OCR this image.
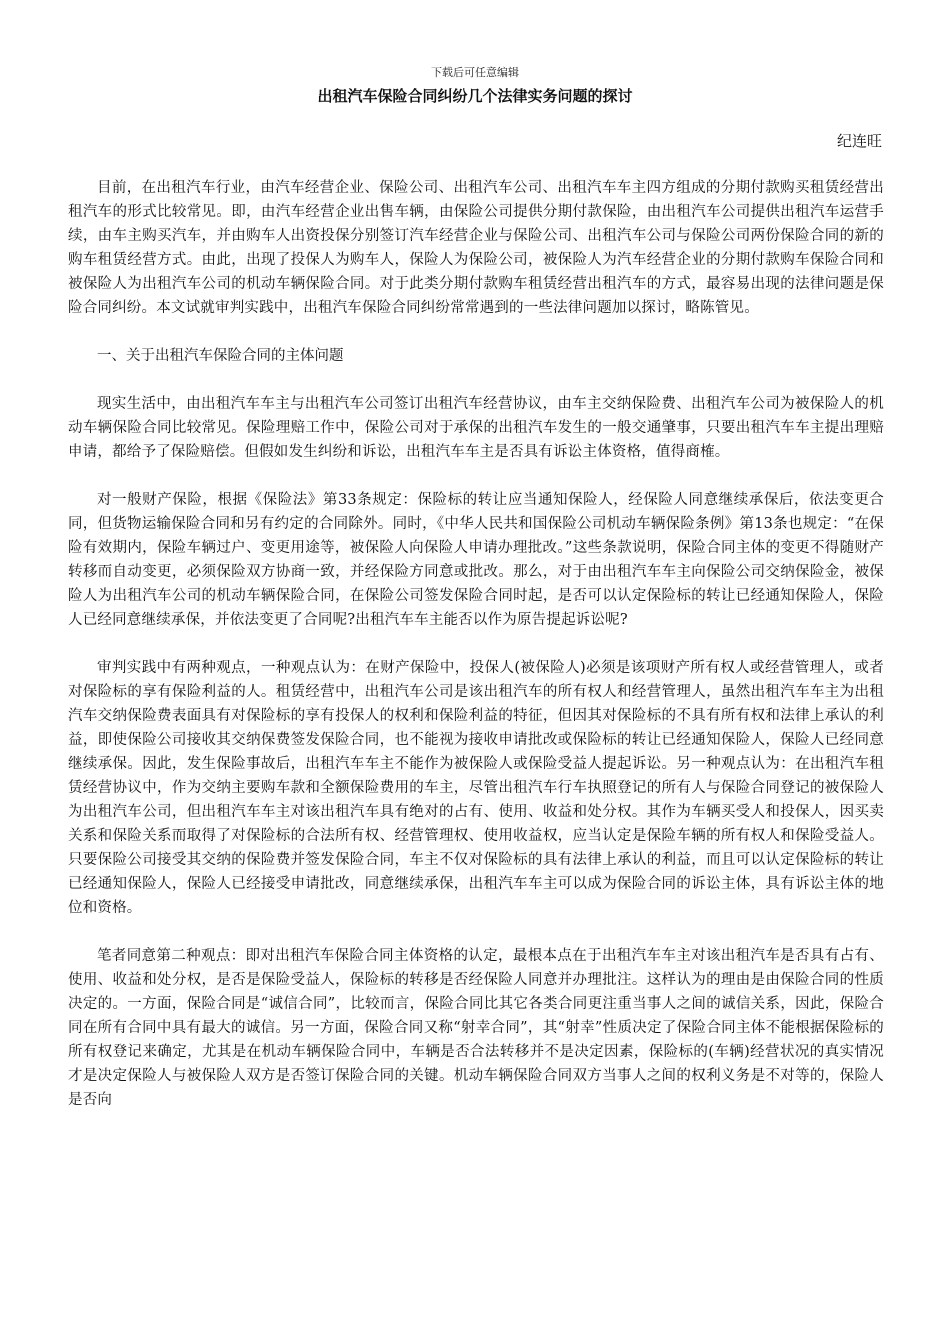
下载后可任意编辑
出租汽车保险合同纠纷几个法律实务问题的探讨
纪连旺

目前，在出租汽车行业，由汽车经营企业、保险公司、出租汽车公司、出租汽车车主四方组成的分期付款购买租赁经营出租汽车的形式比较常见。即，由汽车经营企业出售车辆，由保险公司提供分期付款保险，由出租汽车公司提供出租汽车运营手续，由车主购买汽车，并由购车人出资投保分别签订汽车经营企业与保险公司、出租汽车公司与保险公司两份保险合同的新的购车租赁经营方式。由此，出现了投保人为购车人，保险人为保险公司，被保险人为汽车经营企业的分期付款购车保险合同和被保险人为出租汽车公司的机动车辆保险合同。对于此类分期付款购车租赁经营出租汽车的方式，最容易出现的法律问题是保险合同纠纷。本文试就审判实践中，出租汽车保险合同纠纷常常遇到的一些法律问题加以探讨，略陈管见。

一、关于出租汽车保险合同的主体问题

现实生活中，由出租汽车车主与出租汽车公司签订出租汽车经营协议，由车主交纳保险费、出租汽车公司为被保险人的机动车辆保险合同比较常见。保险理赔工作中，保险公司对于承保的出租汽车发生的一般交通肇事，只要出租汽车车主提出理赔申请，都给予了保险赔偿。但假如发生纠纷和诉讼，出租汽车车主是否具有诉讼主体资格，值得商榷。

对一般财产保险，根据《保险法》第33条规定：保险标的转让应当通知保险人，经保险人同意继续承保后，依法变更合同，但货物运输保险合同和另有约定的合同除外。同时，《中华人民共和国保险公司机动车辆保险条例》第13条也规定：“在保险有效期内，保险车辆过户、变更用途等，被保险人向保险人申请办理批改。”这些条款说明，保险合同主体的变更不得随财产转移而自动变更，必须保险双方协商一致，并经保险方同意或批改。那么，对于由出租汽车车主向保险公司交纳保险金，被保险人为出租汽车公司的机动车辆保险合同，在保险公司签发保险合同时起，是否可以认定保险标的转让已经通知保险人，保险人已经同意继续承保，并依法变更了合同呢?出租汽车车主能否以作为原告提起诉讼呢?

审判实践中有两种观点，一种观点认为：在财产保险中，投保人(被保险人)必须是该项财产所有权人或经营管理人，或者对保险标的享有保险利益的人。租赁经营中，出租汽车公司是该出租汽车的所有权人和经营管理人，虽然出租汽车车主为出租汽车交纳保险费表面具有对保险标的享有投保人的权利和保险利益的特征，但因其对保险标的不具有所有权和法律上承认的利益，即使保险公司接收其交纳保费签发保险合同，也不能视为接收申请批改或保险标的转让已经通知保险人，保险人已经同意继续承保。因此，发生保险事故后，出租汽车车主不能作为被保险人或保险受益人提起诉讼。另一种观点认为：在出租汽车租赁经营协议中，作为交纳主要购车款和全额保险费用的车主，尽管出租汽车行车执照登记的所有人与保险合同登记的被保险人为出租汽车公司，但出租汽车车主对该出租汽车具有绝对的占有、使用、收益和处分权。其作为车辆买受人和投保人，因买卖关系和保险关系而取得了对保险标的合法所有权、经营管理权、使用收益权，应当认定是保险车辆的所有权人和保险受益人。只要保险公司接受其交纳的保险费并签发保险合同，车主不仅对保险标的具有法律上承认的利益，而且可以认定保险标的转让已经通知保险人，保险人已经接受申请批改，同意继续承保，出租汽车车主可以成为保险合同的诉讼主体，具有诉讼主体的地位和资格。

笔者同意第二种观点：即对出租汽车保险合同主体资格的认定，最根本点在于出租汽车车主对该出租汽车是否具有占有、使用、收益和处分权，是否是保险受益人，保险标的转移是否经保险人同意并办理批注。这样认为的理由是由保险合同的性质决定的。一方面，保险合同是“诚信合同”，比较而言，保险合同比其它各类合同更注重当事人之间的诚信关系，因此，保险合同在所有合同中具有最大的诚信。另一方面，保险合同又称“射幸合同”，其“射幸”性质决定了保险合同主体不能根据保险标的所有权登记来确定，尤其是在机动车辆保险合同中，车辆是否合法转移并不是决定因素，保险标的(车辆)经营状况的真实情况才是决定保险人与被保险人双方是否签订保险合同的关键。机动车辆保险合同双方当事人之间的权利义务是不对等的，保险人是否向
